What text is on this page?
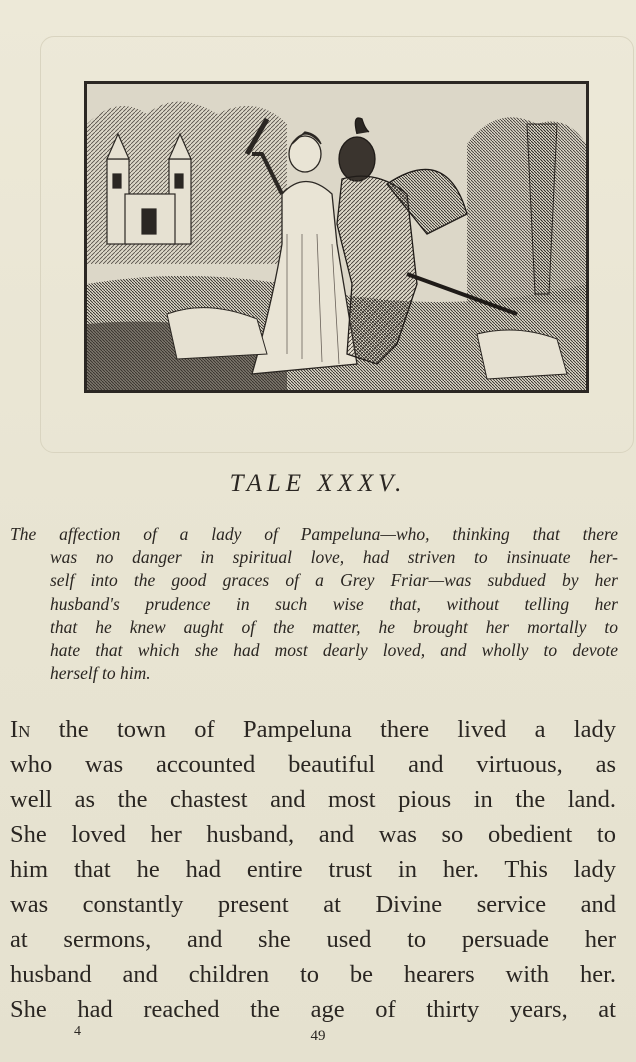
TALE XXXV.
The affection of a lady of Pampeluna—who, thinking that there
was no danger in spiritual love, had striven to insinuate her-
self into the good graces of a Grey Friar—was subdued by her
husband's prudence in such wise that, without telling her
that he knew aught of the matter, he brought her mortally to
hate that which she had most dearly loved, and wholly to devote
herself to him.
In the town of Pampeluna there lived a lady
who was accounted beautiful and virtuous, as
well as the chastest and most pious in the land.
She loved her husband, and was so obedient to
him that he had entire trust in her. This lady
was constantly present at Divine service and
at sermons, and she used to persuade her
husband and children to be hearers with her.
She had reached the age of thirty years, at
4	49
